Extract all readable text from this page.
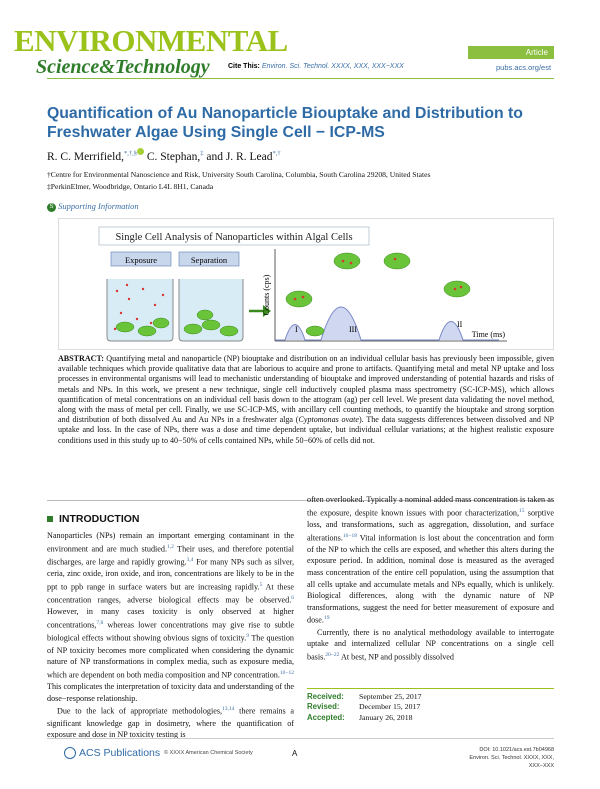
ENVIRONMENTAL
Science&Technology
Article
Cite This: Environ. Sci. Technol. XXXX, XXX, XXX−XXX	pubs.acs.org/est
Quantification of Au Nanoparticle Biouptake and Distribution to Freshwater Algae Using Single Cell − ICP-MS
R. C. Merrifield,*,†,§ C. Stephan,‡ and J. R. Lead*,†
†Centre for Environmental Nanoscience and Risk, University South Carolina, Columbia, South Carolina 29208, United States
‡PerkinElmer, Woodbridge, Ontario L4L 8H1, Canada
S Supporting Information
Single Cell Analysis of Nanoparticles within Algal Cells
Exposure	Separation
Counts (cps)
Time (ms)
I	III
II
ABSTRACT: Quantifying metal and nanoparticle (NP) biouptake and distribution on an individual cellular basis has previously been impossible, given available techniques which provide qualitative data that are laborious to acquire and prone to artifacts. Quantifying metal and metal NP uptake and loss processes in environmental organisms will lead to mechanistic understanding of biouptake and improved understanding of potential hazards and risks of metals and NPs. In this work, we present a new technique, single cell inductively coupled plasma mass spectrometry (SC-ICP-MS), which allows quantification of metal concentrations on an individual cell basis down to the attogram (ag) per cell level. We present data validating the novel method, along with the mass of metal per cell. Finally, we use SC-ICP-MS, with ancillary cell counting methods, to quantify the biouptake and strong sorption and distribution of both dissolved Au and Au NPs in a freshwater alga (Cyptomonas ovate). The data suggests differences between dissolved and NP uptake and loss. In the case of NPs, there was a dose and time dependent uptake, but individual cellular variations; at the highest realistic exposure conditions used in this study up to 40−50% of cells contained NPs, while 50−60% of cells did not.
INTRODUCTION

Nanoparticles (NPs) remain an important emerging contaminant in the environment and are much studied.$^{1,2}$ Their uses, and therefore potential discharges, are large and rapidly growing.$^{3,4}$ For many NPs such as silver, ceria, zinc oxide, iron oxide, and iron, concentrations are likely to be in the ppt to ppb range in surface waters but are increasing rapidly.$^5$ At these concentration ranges, adverse biological effects may be observed.$^6$ However, in many cases toxicity is only observed at higher concentrations,$^{7,8}$ whereas lower concentrations may give rise to subtle biological effects without showing obvious signs of toxicity.$^9$ The question of NP toxicity becomes more complicated when considering the dynamic nature of NP transformations in complex media, such as exposure media, which are dependent on both media composition and NP concentration.$^{10-12}$ This complicates the interpretation of toxicity data and understanding of the dose−response relationship.

Due to the lack of appropriate methodologies,$^{13,14}$ there remains a significant knowledge gap in dosimetry, where the quantification of exposure and dose in NP toxicity testing is

often overlooked. Typically a nominal added mass concentration is taken as the exposure, despite known issues with poor characterization,$^{15}$ sorptive loss, and transformations, such as aggregation, dissolution, and surface alterations.$^{16-18}$ Vital information is lost about the concentration and form of the NP to which the cells are exposed, and whether this alters during the exposure period. In addition, nominal dose is measured as the averaged mass concentration of the entire cell population, using the assumption that all cells uptake and accumulate metals and NPs equally, which is unlikely. Biological differences, along with the dynamic nature of NP transformations, suggest the need for better measurement of exposure and dose.$^{19}$

Currently, there is no analytical methodology available to interrogate uptake and internalized cellular NP concentrations on a single cell basis.$^{20-22}$ At best, NP and possibly dissolved

Received: September 25, 2017
Revised: December 15, 2017
Accepted: January 26, 2018
ACS Publications © XXXX American Chemical Society	A	DOI: 10.1021/acs.est.7b04968
Environ. Sci. Technol. XXXX, XXX, XXX−XXX
